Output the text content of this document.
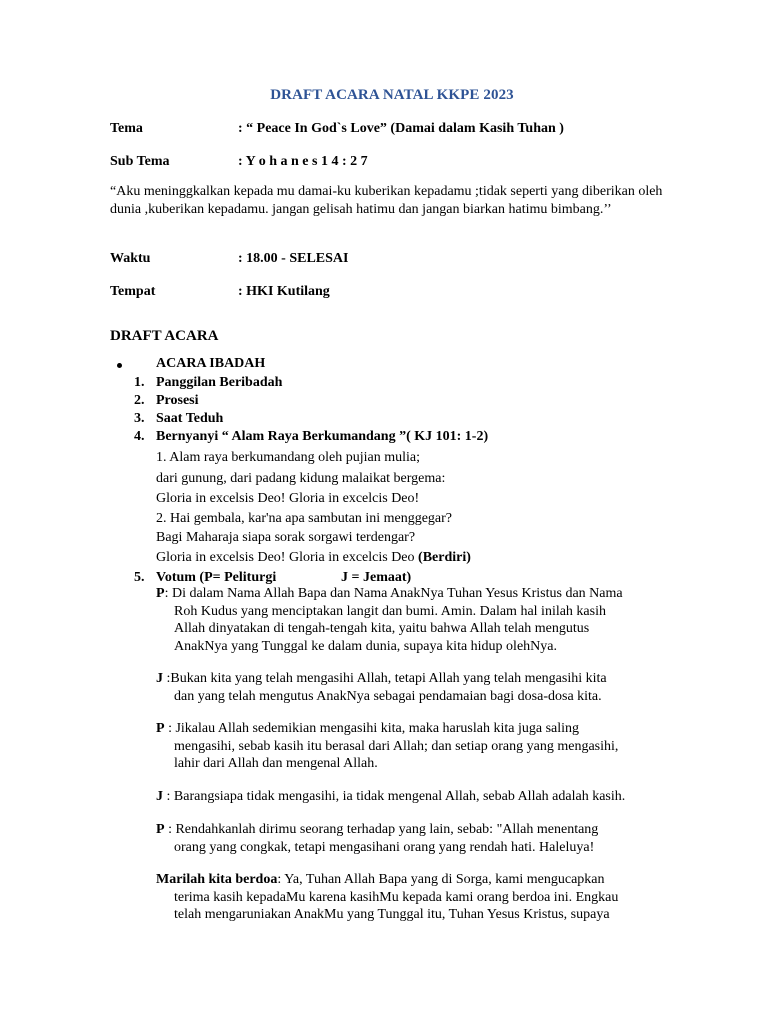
DRAFT ACARA NATAL KKPE 2023
Tema	: “ Peace In God`s Love” (Damai dalam Kasih Tuhan )
Sub Tema	: Y o h a n e s 1 4 : 2 7
“Aku meninggkalkan kepada mu damai-ku kuberikan kepadamu ;tidak seperti yang diberikan oleh dunia ,kuberikan kepadamu. jangan gelisah hatimu dan jangan biarkan hatimu bimbang.’’
Waktu	: 18.00 - SELESAI
Tempat	: HKI Kutilang
DRAFT ACARA
ACARA IBADAH
1. Panggilan Beribadah
2. Prosesi
3. Saat Teduh
4. Bernyanyi “ Alam Raya Berkumandang ”( KJ 101: 1-2)
1. Alam raya berkumandang oleh pujian mulia;
dari gunung, dari padang kidung malaikat bergema:
Gloria in excelsis Deo! Gloria in excelcis Deo!
2. Hai gembala, kar'na apa sambutan ini menggegar?
Bagi Maharaja siapa sorak sorgawi terdengar?
Gloria in excelsis Deo! Gloria in excelcis Deo (Berdiri)
5. Votum (P= Peliturgi	J = Jemaat)
P: Di dalam Nama Allah Bapa dan Nama AnakNya Tuhan Yesus Kristus dan Nama
Roh Kudus yang menciptakan langit dan bumi. Amin. Dalam hal inilah kasih
Allah dinyatakan di tengah-tengah kita, yaitu bahwa Allah telah mengutus
AnakNya yang Tunggal ke dalam dunia, supaya kita hidup olehNya.
J :Bukan kita yang telah mengasihi Allah, tetapi Allah yang telah mengasihi kita
dan yang telah mengutus AnakNya sebagai pendamaian bagi dosa-dosa kita.
P : Jikalau Allah sedemikian mengasihi kita, maka haruslah kita juga saling
mengasihi, sebab kasih itu berasal dari Allah; dan setiap orang yang mengasihi,
lahir dari Allah dan mengenal Allah.
J : Barangsiapa tidak mengasihi, ia tidak mengenal Allah, sebab Allah adalah kasih.
P : Rendahkanlah dirimu seorang terhadap yang lain, sebab: "Allah menentang
orang yang congkak, tetapi mengasihani orang yang rendah hati. Haleluya!
Marilah kita berdoa: Ya, Tuhan Allah Bapa yang di Sorga, kami mengucapkan
terima kasih kepadaMu karena kasihMu kepada kami orang berdoa ini. Engkau
telah mengaruniakan AnakMu yang Tunggal itu, Tuhan Yesus Kristus, supaya
